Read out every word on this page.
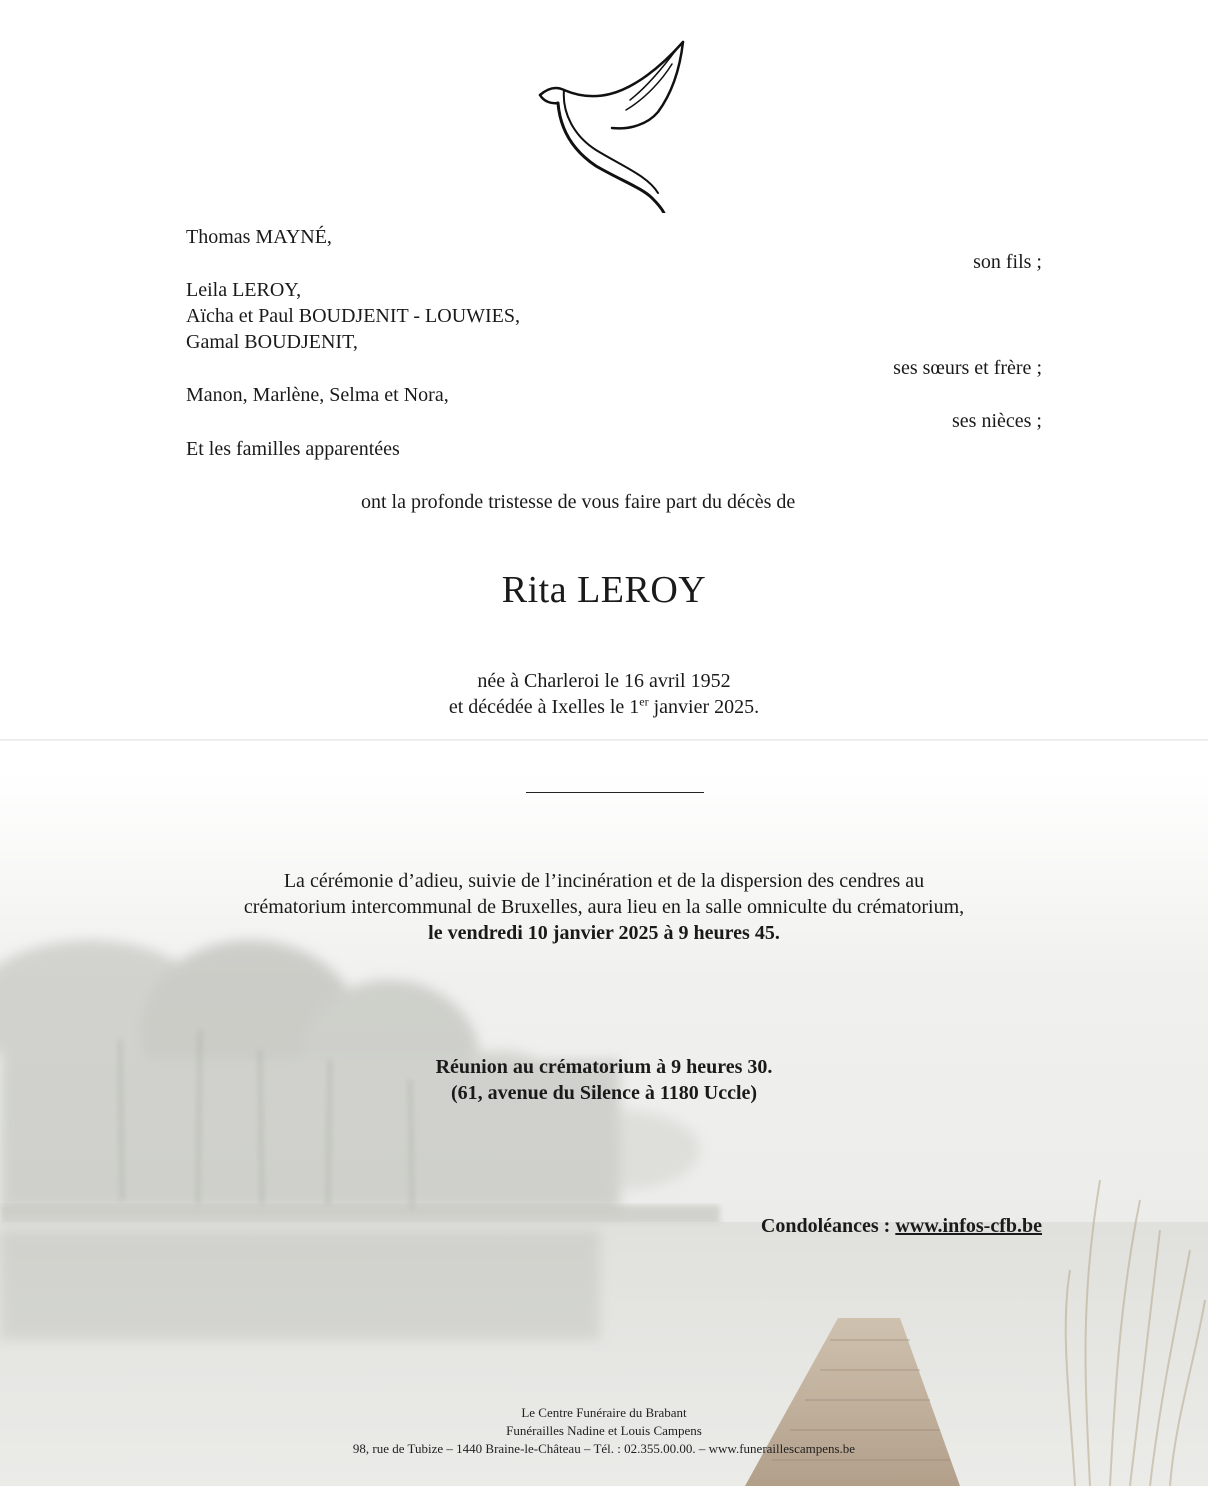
Thomas MAYNÉ,

son fils ;

Leila LEROY,

Aïcha et Paul BOUDJENIT - LOUWIES,

Gamal BOUDJENIT,

ses sœurs et frère ;

Manon, Marlène, Selma et Nora,

ses nièces ;

Et les familles apparentées

ont la profonde tristesse de vous faire part du décès de

Rita LEROY

née à Charleroi le 16 avril 1952

et décédée à Ixelles le 1er janvier 2025.

La cérémonie d’adieu, suivie de l’incinération et de la dispersion des cendres au

crématorium intercommunal de Bruxelles, aura lieu en la salle omniculte du crématorium,

le vendredi 10 janvier 2025 à 9 heures 45.

Réunion au crématorium à 9 heures 30.

(61, avenue du Silence à 1180 Uccle)

Condoléances : www.infos-cfb.be

Le Centre Funéraire du Brabant
Funérailles Nadine et Louis Campens
98, rue de Tubize – 1440 Braine-le-Château – Tél. : 02.355.00.00. – www.funeraillescampens.be
